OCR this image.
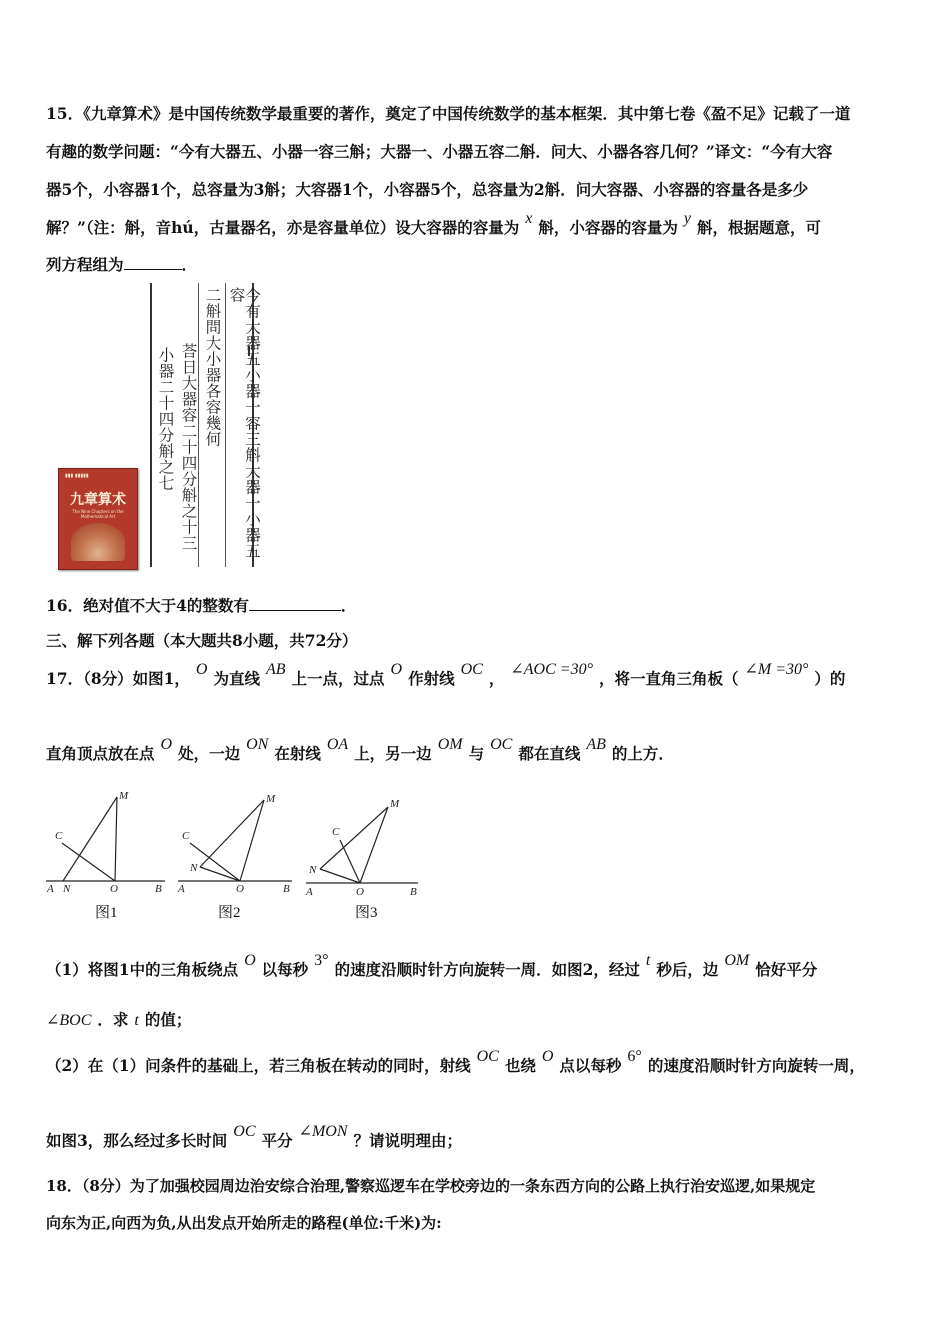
15．《九章算术》是中国传统数学最重要的著作，奠定了中国传统数学的基本框架．其中第七卷《盈不足》记载了一道
有趣的数学问题：“今有大器五、小器一容三斛；大器一、小器五容二斛．问大、小器各容几何？”译文：“今有大容
器5个，小容器1个，总容量为3斛；大容器1个，小容器5个，总容量为2斛．问大容器、小容器的容量各是多少
解？”（注：斛，音hú，古量器名，亦是容量单位）设大容器的容量为 x 斛，小容器的容量为 y 斛，根据题意，可
列方程组为	．
▮▮▮ ▮▮▮▮▮
九章算术
The Nine Chapters on the Mathematical Art	今有大器五小器一容三斛大器一小器五容
二斛問大小器各容幾何
荅日大器容二十四分斛之十三
小器二十四分斛之七
16．绝对值不大于4的整数有	．
三、解下列各题（本大题共8小题，共72分）
17．（8分）如图1， O 为直线 AB 上一点，过点 O 作射线 OC ， ∠AOC =30° ，将一直角三角板（ ∠M =30° ）的
直角顶点放在点 O 处，一边 ON 在射线 OA 上，另一边 OM 与 OC 都在直线 AB 的上方．
M
C
A N	O	B
M
C
N
A	O	B
M
C
N
A	O	B
图1	图2	图3
（1）将图1中的三角板绕点 O 以每秒 3° 的速度沿顺时针方向旋转一周．如图2，经过 t 秒后，边 OM 恰好平分
∠BOC ．求 t 的值；
（2）在（1）问条件的基础上，若三角板在转动的同时，射线 OC 也绕 O 点以每秒 6° 的速度沿顺时针方向旋转一周，
如图3，那么经过多长时间 OC 平分 ∠MON ？请说明理由；
18．（8分）为了加强校园周边治安综合治理,警察巡逻车在学校旁边的一条东西方向的公路上执行治安巡逻,如果规定
向东为正,向西为负,从出发点开始所走的路程(单位:千米)为:
